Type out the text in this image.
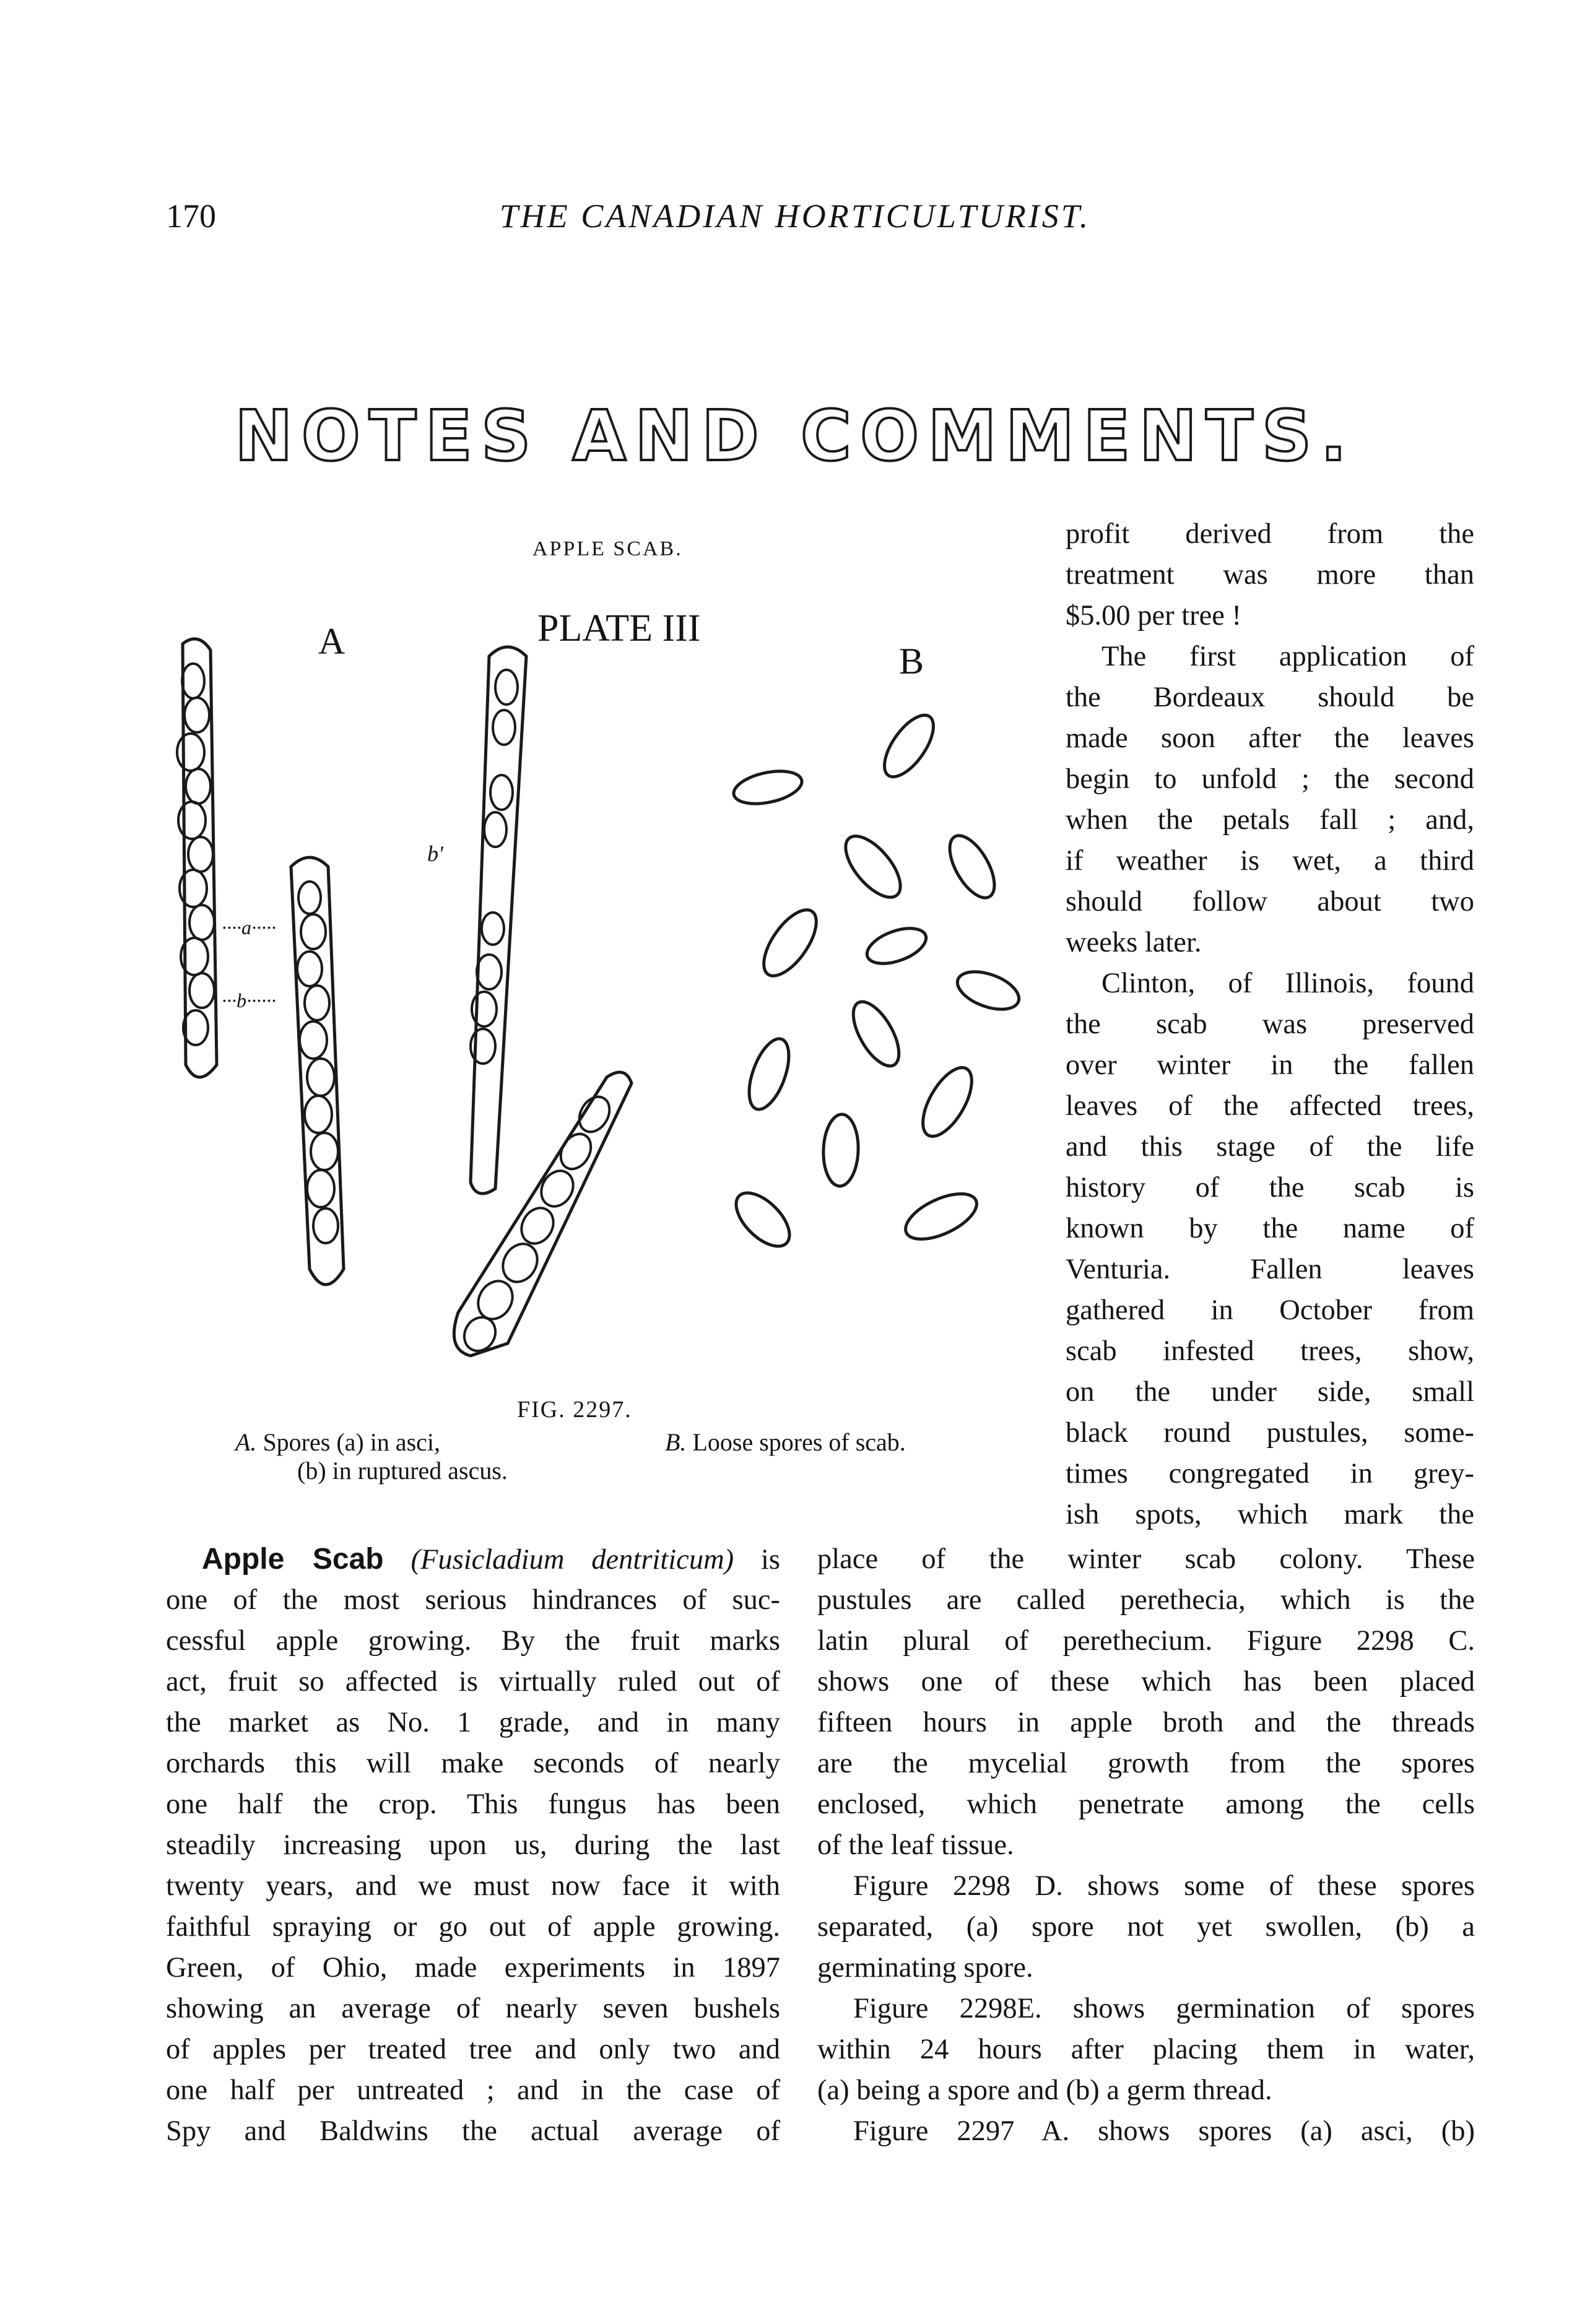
170	THE CANADIAN HORTICULTURIST.
NOTES AND COMMENTS.
APPLE SCAB.
PLATE III
A	B
····a·····
···b······
b'
FIG. 2297.
A. Spores (a) in asci,
(b) in ruptured ascus.
B. Loose spores of scab.
profit derived from the
treatment was more than
$5.00 per tree !
The first application of
the Bordeaux should be
made soon after the leaves
begin to unfold ; the second
when the petals fall ; and,
if weather is wet, a third
should follow about two
weeks later.
Clinton, of Illinois, found
the scab was preserved
over winter in the fallen
leaves of the affected trees,
and this stage of the life
history of the scab is
known by the name of
Venturia. Fallen leaves
gathered in October from
scab infested trees, show,
on the under side, small
black round pustules, some-
times congregated in grey-
ish spots, which mark the
Apple Scab (Fusicladium dentriticum) is
one of the most serious hindrances of suc-
cessful apple growing. By the fruit marks
act, fruit so affected is virtually ruled out of
the market as No. 1 grade, and in many
orchards this will make seconds of nearly
one half the crop. This fungus has been
steadily increasing upon us, during the last
twenty years, and we must now face it with
faithful spraying or go out of apple growing.
Green, of Ohio, made experiments in 1897
showing an average of nearly seven bushels
of apples per treated tree and only two and
one half per untreated ; and in the case of
Spy and Baldwins the actual average of
place of the winter scab colony. These
pustules are called perethecia, which is the
latin plural of perethecium. Figure 2298 C.
shows one of these which has been placed
fifteen hours in apple broth and the threads
are the mycelial growth from the spores
enclosed, which penetrate among the cells
of the leaf tissue.
Figure 2298 D. shows some of these spores
separated, (a) spore not yet swollen, (b) a
germinating spore.
Figure 2298E. shows germination of spores
within 24 hours after placing them in water,
(a) being a spore and (b) a germ thread.
Figure 2297 A. shows spores (a) asci, (b)
